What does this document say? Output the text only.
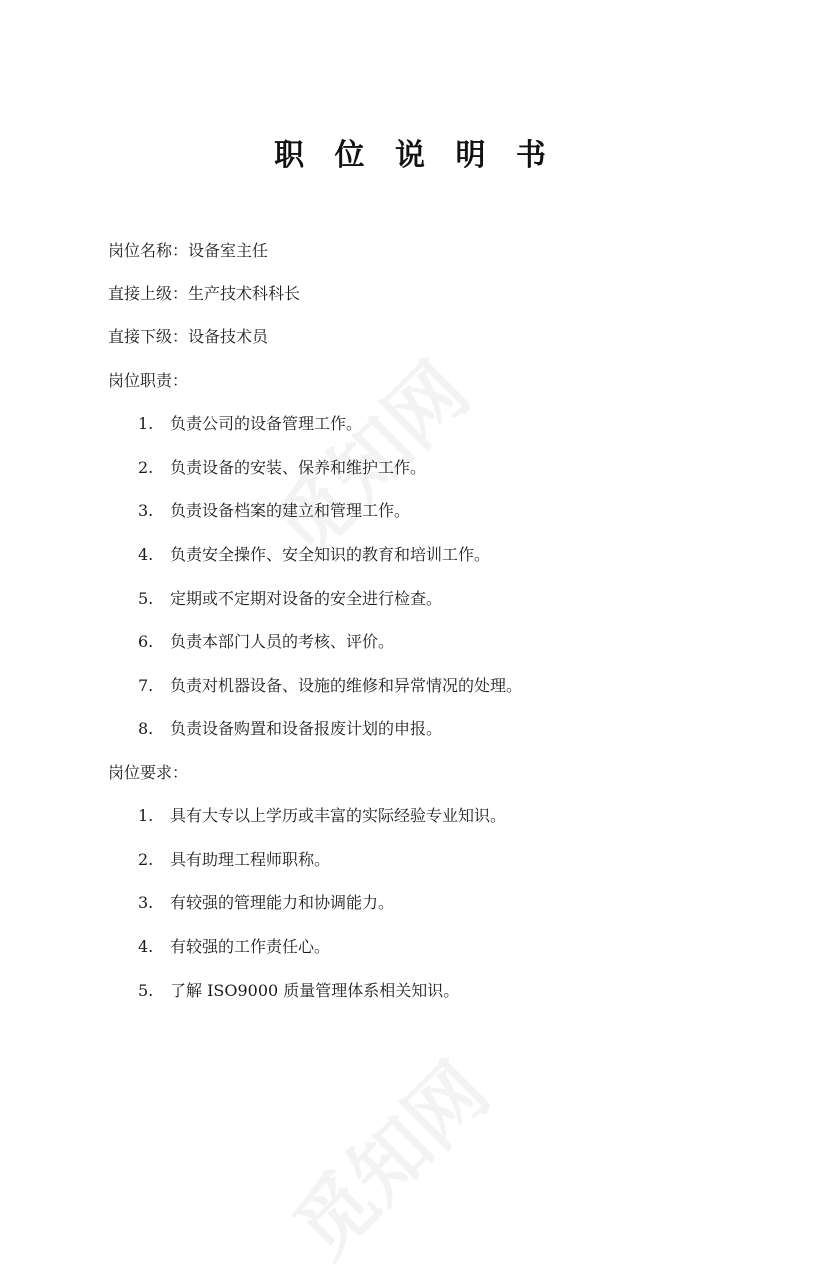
职 位 说 明 书
岗位名称：设备室主任
直接上级：生产技术科科长
直接下级：设备技术员
岗位职责：
1. 负责公司的设备管理工作。
2. 负责设备的安装、保养和维护工作。
3. 负责设备档案的建立和管理工作。
4. 负责安全操作、安全知识的教育和培训工作。
5. 定期或不定期对设备的安全进行检查。
6. 负责本部门人员的考核、评价。
7. 负责对机器设备、设施的维修和异常情况的处理。
8. 负责设备购置和设备报废计划的申报。
岗位要求：
1. 具有大专以上学历或丰富的实际经验专业知识。
2. 具有助理工程师职称。
3. 有较强的管理能力和协调能力。
4. 有较强的工作责任心。
5. 了解 ISO9000 质量管理体系相关知识。
